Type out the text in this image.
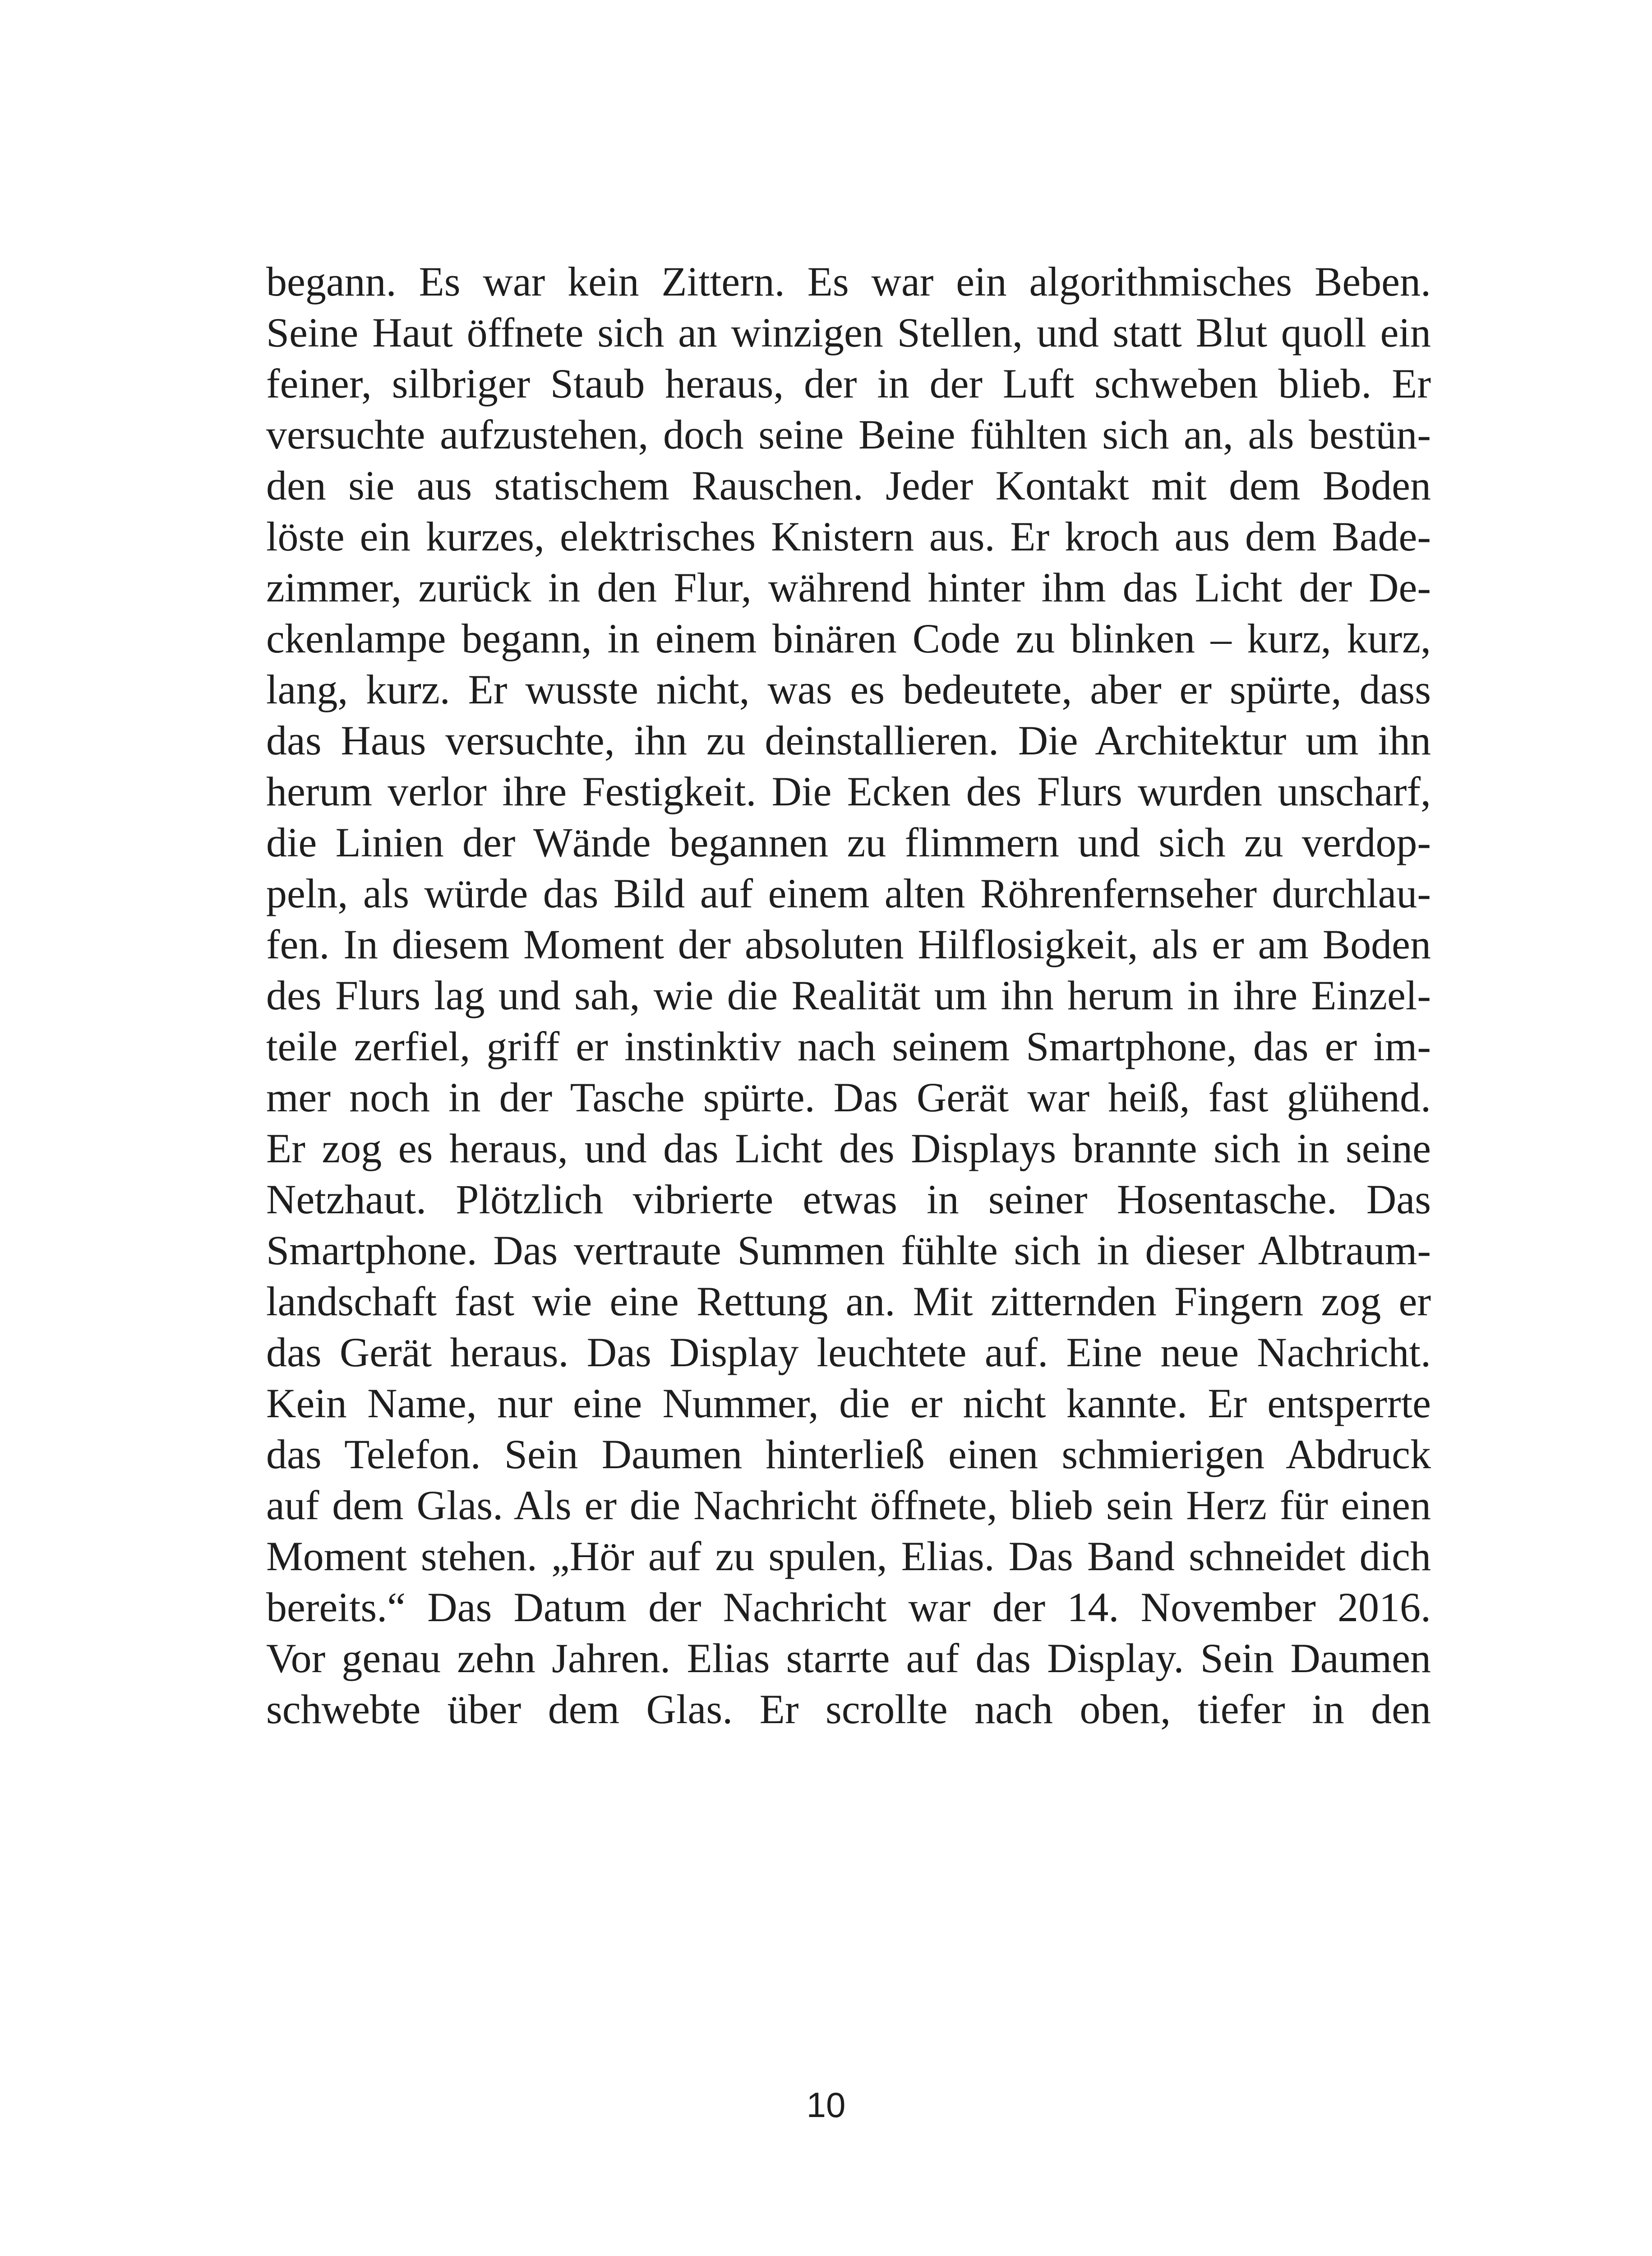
begann. Es war kein Zittern. Es war ein algorithmisches Beben.
Seine Haut öffnete sich an winzigen Stellen, und statt Blut quoll ein
feiner, silbriger Staub heraus, der in der Luft schweben blieb. Er
versuchte aufzustehen, doch seine Beine fühlten sich an, als bestün-
den sie aus statischem Rauschen. Jeder Kontakt mit dem Boden
löste ein kurzes, elektrisches Knistern aus. Er kroch aus dem Bade-
zimmer, zurück in den Flur, während hinter ihm das Licht der De-
ckenlampe begann, in einem binären Code zu blinken – kurz, kurz,
lang, kurz. Er wusste nicht, was es bedeutete, aber er spürte, dass
das Haus versuchte, ihn zu deinstallieren. Die Architektur um ihn
herum verlor ihre Festigkeit. Die Ecken des Flurs wurden unscharf,
die Linien der Wände begannen zu flimmern und sich zu verdop-
peln, als würde das Bild auf einem alten Röhrenfernseher durchlau-
fen. In diesem Moment der absoluten Hilflosigkeit, als er am Boden
des Flurs lag und sah, wie die Realität um ihn herum in ihre Einzel-
teile zerfiel, griff er instinktiv nach seinem Smartphone, das er im-
mer noch in der Tasche spürte. Das Gerät war heiß, fast glühend.
Er zog es heraus, und das Licht des Displays brannte sich in seine
Netzhaut. Plötzlich vibrierte etwas in seiner Hosentasche. Das
Smartphone. Das vertraute Summen fühlte sich in dieser Albtraum-
landschaft fast wie eine Rettung an. Mit zitternden Fingern zog er
das Gerät heraus. Das Display leuchtete auf. Eine neue Nachricht.
Kein Name, nur eine Nummer, die er nicht kannte. Er entsperrte
das Telefon. Sein Daumen hinterließ einen schmierigen Abdruck
auf dem Glas. Als er die Nachricht öffnete, blieb sein Herz für einen
Moment stehen. „Hör auf zu spulen, Elias. Das Band schneidet dich
bereits.“ Das Datum der Nachricht war der 14. November 2016.
Vor genau zehn Jahren. Elias starrte auf das Display. Sein Daumen
schwebte über dem Glas. Er scrollte nach oben, tiefer in den
10
